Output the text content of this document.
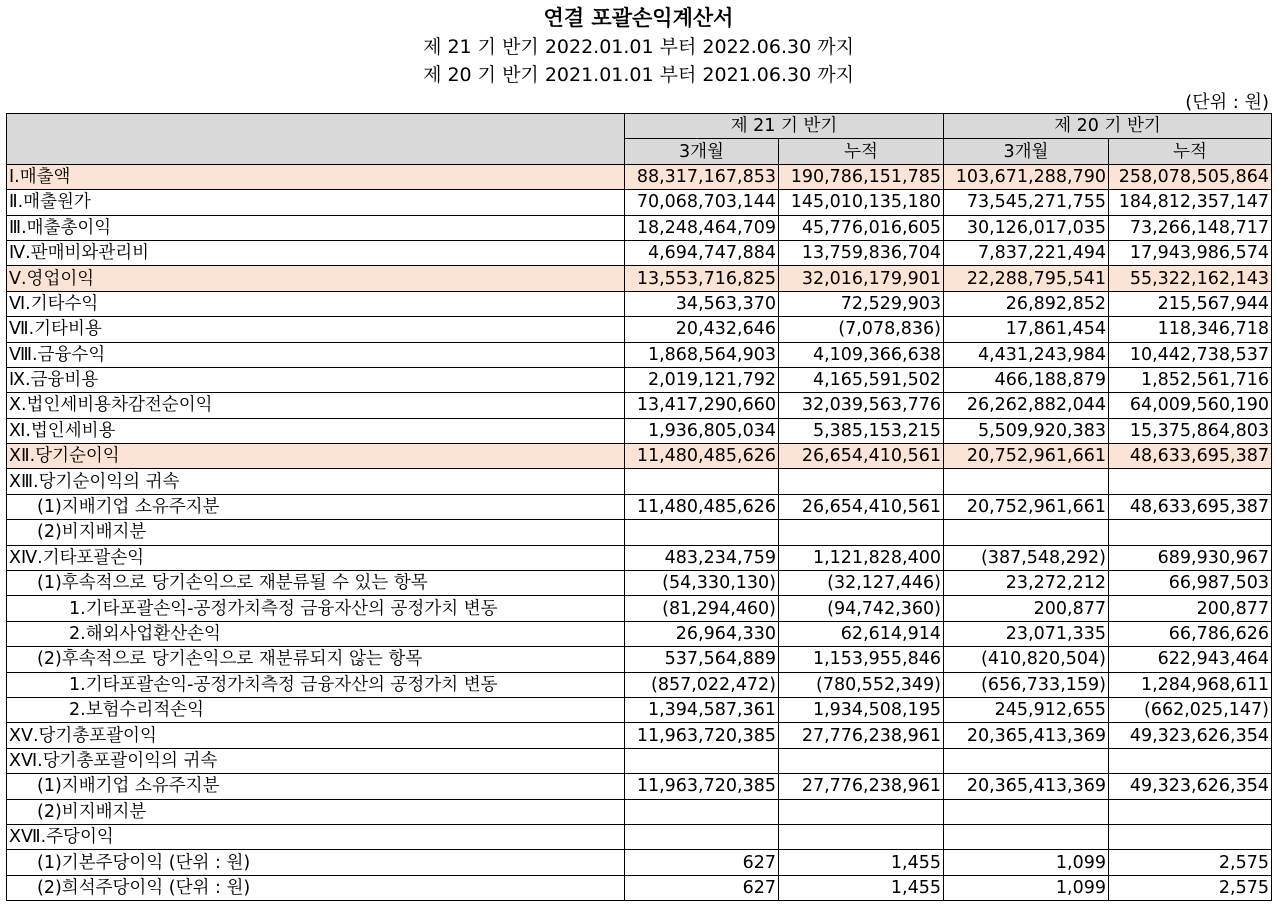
연결 포괄손익계산서
제 21 기 반기 2022.01.01 부터 2022.06.30 까지
제 20 기 반기 2021.01.01 부터 2021.06.30 까지
(단위 : 원)
	제 21 기 반기		제 20 기 반기	
	3개월	누적	3개월	누적
Ⅰ.매출액	88,317,167,853	190,786,151,785	103,671,288,790	258,078,505,864
Ⅱ.매출원가	70,068,703,144	145,010,135,180	73,545,271,755	184,812,357,147
Ⅲ.매출총이익	18,248,464,709	45,776,016,605	30,126,017,035	73,266,148,717
Ⅳ.판매비와관리비	4,694,747,884	13,759,836,704	7,837,221,494	17,943,986,574
Ⅴ.영업이익	13,553,716,825	32,016,179,901	22,288,795,541	55,322,162,143
Ⅵ.기타수익	34,563,370	72,529,903	26,892,852	215,567,944
Ⅶ.기타비용	20,432,646	(7,078,836)	17,861,454	118,346,718
Ⅷ.금융수익	1,868,564,903	4,109,366,638	4,431,243,984	10,442,738,537
Ⅸ.금융비용	2,019,121,792	4,165,591,502	466,188,879	1,852,561,716
Ⅹ.법인세비용차감전순이익	13,417,290,660	32,039,563,776	26,262,882,044	64,009,560,190
Ⅺ.법인세비용	1,936,805,034	5,385,153,215	5,509,920,383	15,375,864,803
ⅩⅡ.당기순이익	11,480,485,626	26,654,410,561	20,752,961,661	48,633,695,387
ⅩⅢ.당기순이익의 귀속				
(1)지배기업 소유주지분	11,480,485,626	26,654,410,561	20,752,961,661	48,633,695,387
(2)비지배지분				
ⅩⅣ.기타포괄손익	483,234,759	1,121,828,400	(387,548,292)	689,930,967
(1)후속적으로 당기손익으로 재분류될 수 있는 항목	(54,330,130)	(32,127,446)	23,272,212	66,987,503
1.기타포괄손익-공정가치측정 금융자산의 공정가치 변동	(81,294,460)	(94,742,360)	200,877	200,877
2.해외사업환산손익	26,964,330	62,614,914	23,071,335	66,786,626
(2)후속적으로 당기손익으로 재분류되지 않는 항목	537,564,889	1,153,955,846	(410,820,504)	622,943,464
1.기타포괄손익-공정가치측정 금융자산의 공정가치 변동	(857,022,472)	(780,552,349)	(656,733,159)	1,284,968,611
2.보험수리적손익	1,394,587,361	1,934,508,195	245,912,655	(662,025,147)
ⅩⅤ.당기총포괄이익	11,963,720,385	27,776,238,961	20,365,413,369	49,323,626,354
ⅩⅥ.당기총포괄이익의 귀속				
(1)지배기업 소유주지분	11,963,720,385	27,776,238,961	20,365,413,369	49,323,626,354
(2)비지배지분				
ⅩⅦ.주당이익				
(1)기본주당이익 (단위 : 원)	627	1,455	1,099	2,575
(2)희석주당이익 (단위 : 원)	627	1,455	1,099	2,575
